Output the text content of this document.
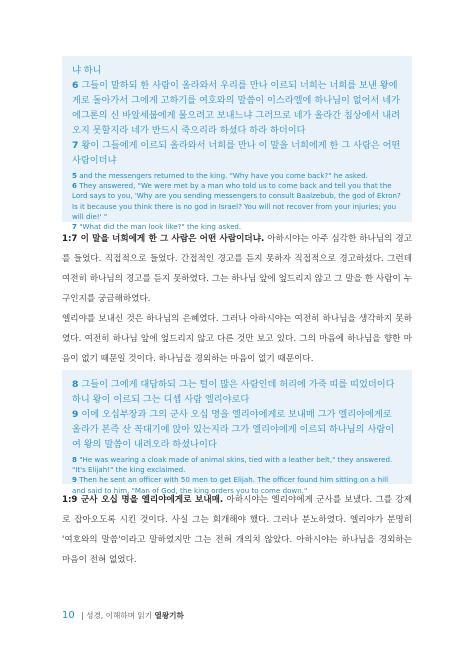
냐 하니
6 그들이 말하되 한 사람이 올라와서 우리를 만나 이르되 너희는 너희를 보낸 왕에게로 돌아가서 그에게 고하기를 여호와의 말씀이 이스라엘에 하나님이 없어서 네가 에그론의 신 바알세붑에게 물으려고 보내느냐 그러므로 네가 올라간 침상에서 내려오지 못할지라 네가 반드시 죽으리라 하셨다 하라 하더이다
7 왕이 그들에게 이르되 올라와서 너희를 만나 이 말을 너희에게 한 그 사람은 어떤 사람이더냐

5 and the messengers returned to the king. "Why have you come back?" he asked.

6 They answered, "We were met by a man who told us to come back and tell you that the Lord says to you, 'Why are you sending messengers to consult Baalzebub, the god of Ekron? Is it because you think there is no god in Israel? You will not recover from your injuries; you will die!' "

7 "What did the man look like?" the king asked.

1:7 이 말을 너희에게 한 그 사람은 어떤 사람이더냐. 아하시야는 아주 심각한 하나님의 경고를 들었다. 직접적으로 들었다. 간접적인 경고를 듣지 못하자 직접적으로 경고하셨다. 그런데 여전히 하나님의 경고를 듣지 못하였다. 그는 하나님 앞에 엎드리지 않고 그 말을 한 사람이 누구인지를 궁금해하였다.
엘리야를 보내신 것은 하나님의 은혜였다. 그러나 아하시야는 여전히 하나님을 생각하지 못하였다. 여전히 하나님 앞에 엎드리지 않고 다른 것만 보고 있다. 그의 마음에 하나님을 향한 마음이 없기 때문일 것이다. 하나님을 경외하는 마음이 없기 때문이다.

8 그들이 그에게 대답하되 그는 털이 많은 사람인데 허리에 가죽 띠를 띠었더이다 하니 왕이 이르되 그는 디셉 사람 엘리야로다
9 이에 오십부장과 그의 군사 오십 명을 엘리야에게로 보내매 그가 엘리야에게로 올라가 본즉 산 꼭대기에 앉아 있는지라 그가 엘리야에게 이르되 하나님의 사람이여 왕의 말씀이 내려오라 하셨나이다

8 "He was wearing a cloak made of animal skins, tied with a leather belt," they answered. "It's Elijah!" the king exclaimed.

9 Then he sent an officer with 50 men to get Elijah. The officer found him sitting on a hill and said to him, "Man of God, the king orders you to come down."

1:9 군사 오십 명을 엘리야에게로 보내매. 아하시야는 엘리야에게 군사를 보냈다. 그를 강제로 잡아오도록 시킨 것이다. 사실 그는 회개해야 했다. 그러나 분노하였다. 엘리야가 분명히 '여호와의 말씀'이라고 말하였지만 그는 전혀 개의치 않았다. 아하시야는 하나님을 경외하는 마음이 전혀 없었다.

10 | 성경, 이해하며 읽기 열왕기하
